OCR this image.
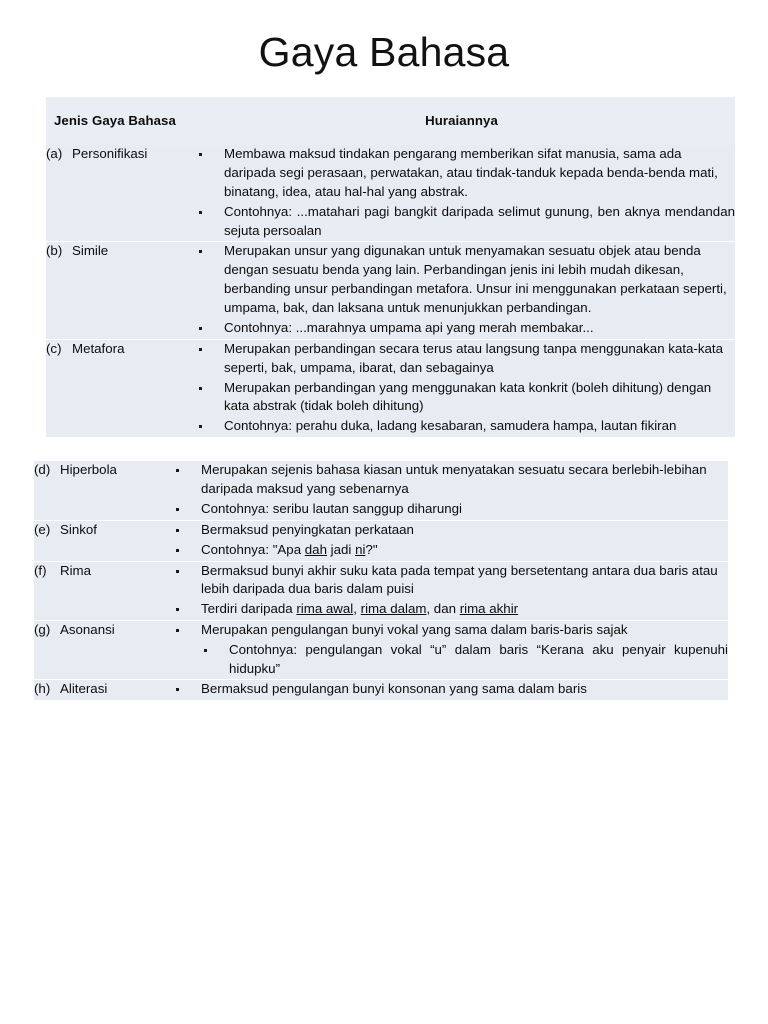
Gaya Bahasa
Jenis Gaya Bahasa	Huraiannya
(a) Personifikasi	Membawa maksud tindakan pengarang memberikan sifat manusia, sama ada daripada segi perasaan, perwatakan, atau tindak-tanduk kepada benda-benda mati, binatang, idea, atau hal-hal yang abstrak.
Contohnya: ...matahari pagi bangkit daripada selimut gunung, ben aknya mendandan sejuta persoalan

(b) Simile	Merupakan unsur yang digunakan untuk menyamakan sesuatu objek atau benda dengan sesuatu benda yang lain. Perbandingan jenis ini lebih mudah dikesan, berbanding unsur perbandingan metafora. Unsur ini menggunakan perkataan seperti, umpama, bak, dan laksana untuk menunjukkan perbandingan.
Contohnya: ...marahnya umpama api yang merah membakar...

(c) Metafora	Merupakan perbandingan secara terus atau langsung tanpa menggunakan kata-kata seperti, bak, umpama, ibarat, dan sebagainya
Merupakan perbandingan yang menggunakan kata konkrit (boleh dihitung) dengan kata abstrak (tidak boleh dihitung)
Contohnya: perahu duka, ladang kesabaran, samudera hampa, lautan fikiran
(d) Hiperbola	Merupakan sejenis bahasa kiasan untuk menyatakan sesuatu secara berlebih-lebihan daripada maksud yang sebenarnya
Contohnya: seribu lautan sanggup diharungi

(e) Sinkof	Bermaksud penyingkatan perkataan
Contohnya: "Apa dah jadi ni?"

(f) Rima	Bermaksud bunyi akhir suku kata pada tempat yang bersetentang antara dua baris atau lebih daripada dua baris dalam puisi
Terdiri daripada rima awal, rima dalam, dan rima akhir

(g) Asonansi	Merupakan pengulangan bunyi vokal yang sama dalam baris-baris sajak
Contohnya: pengulangan vokal “u” dalam baris “Kerana aku penyair kupenuhi hidupku”

(h) Aliterasi	Bermaksud pengulangan bunyi konsonan yang sama dalam baris
